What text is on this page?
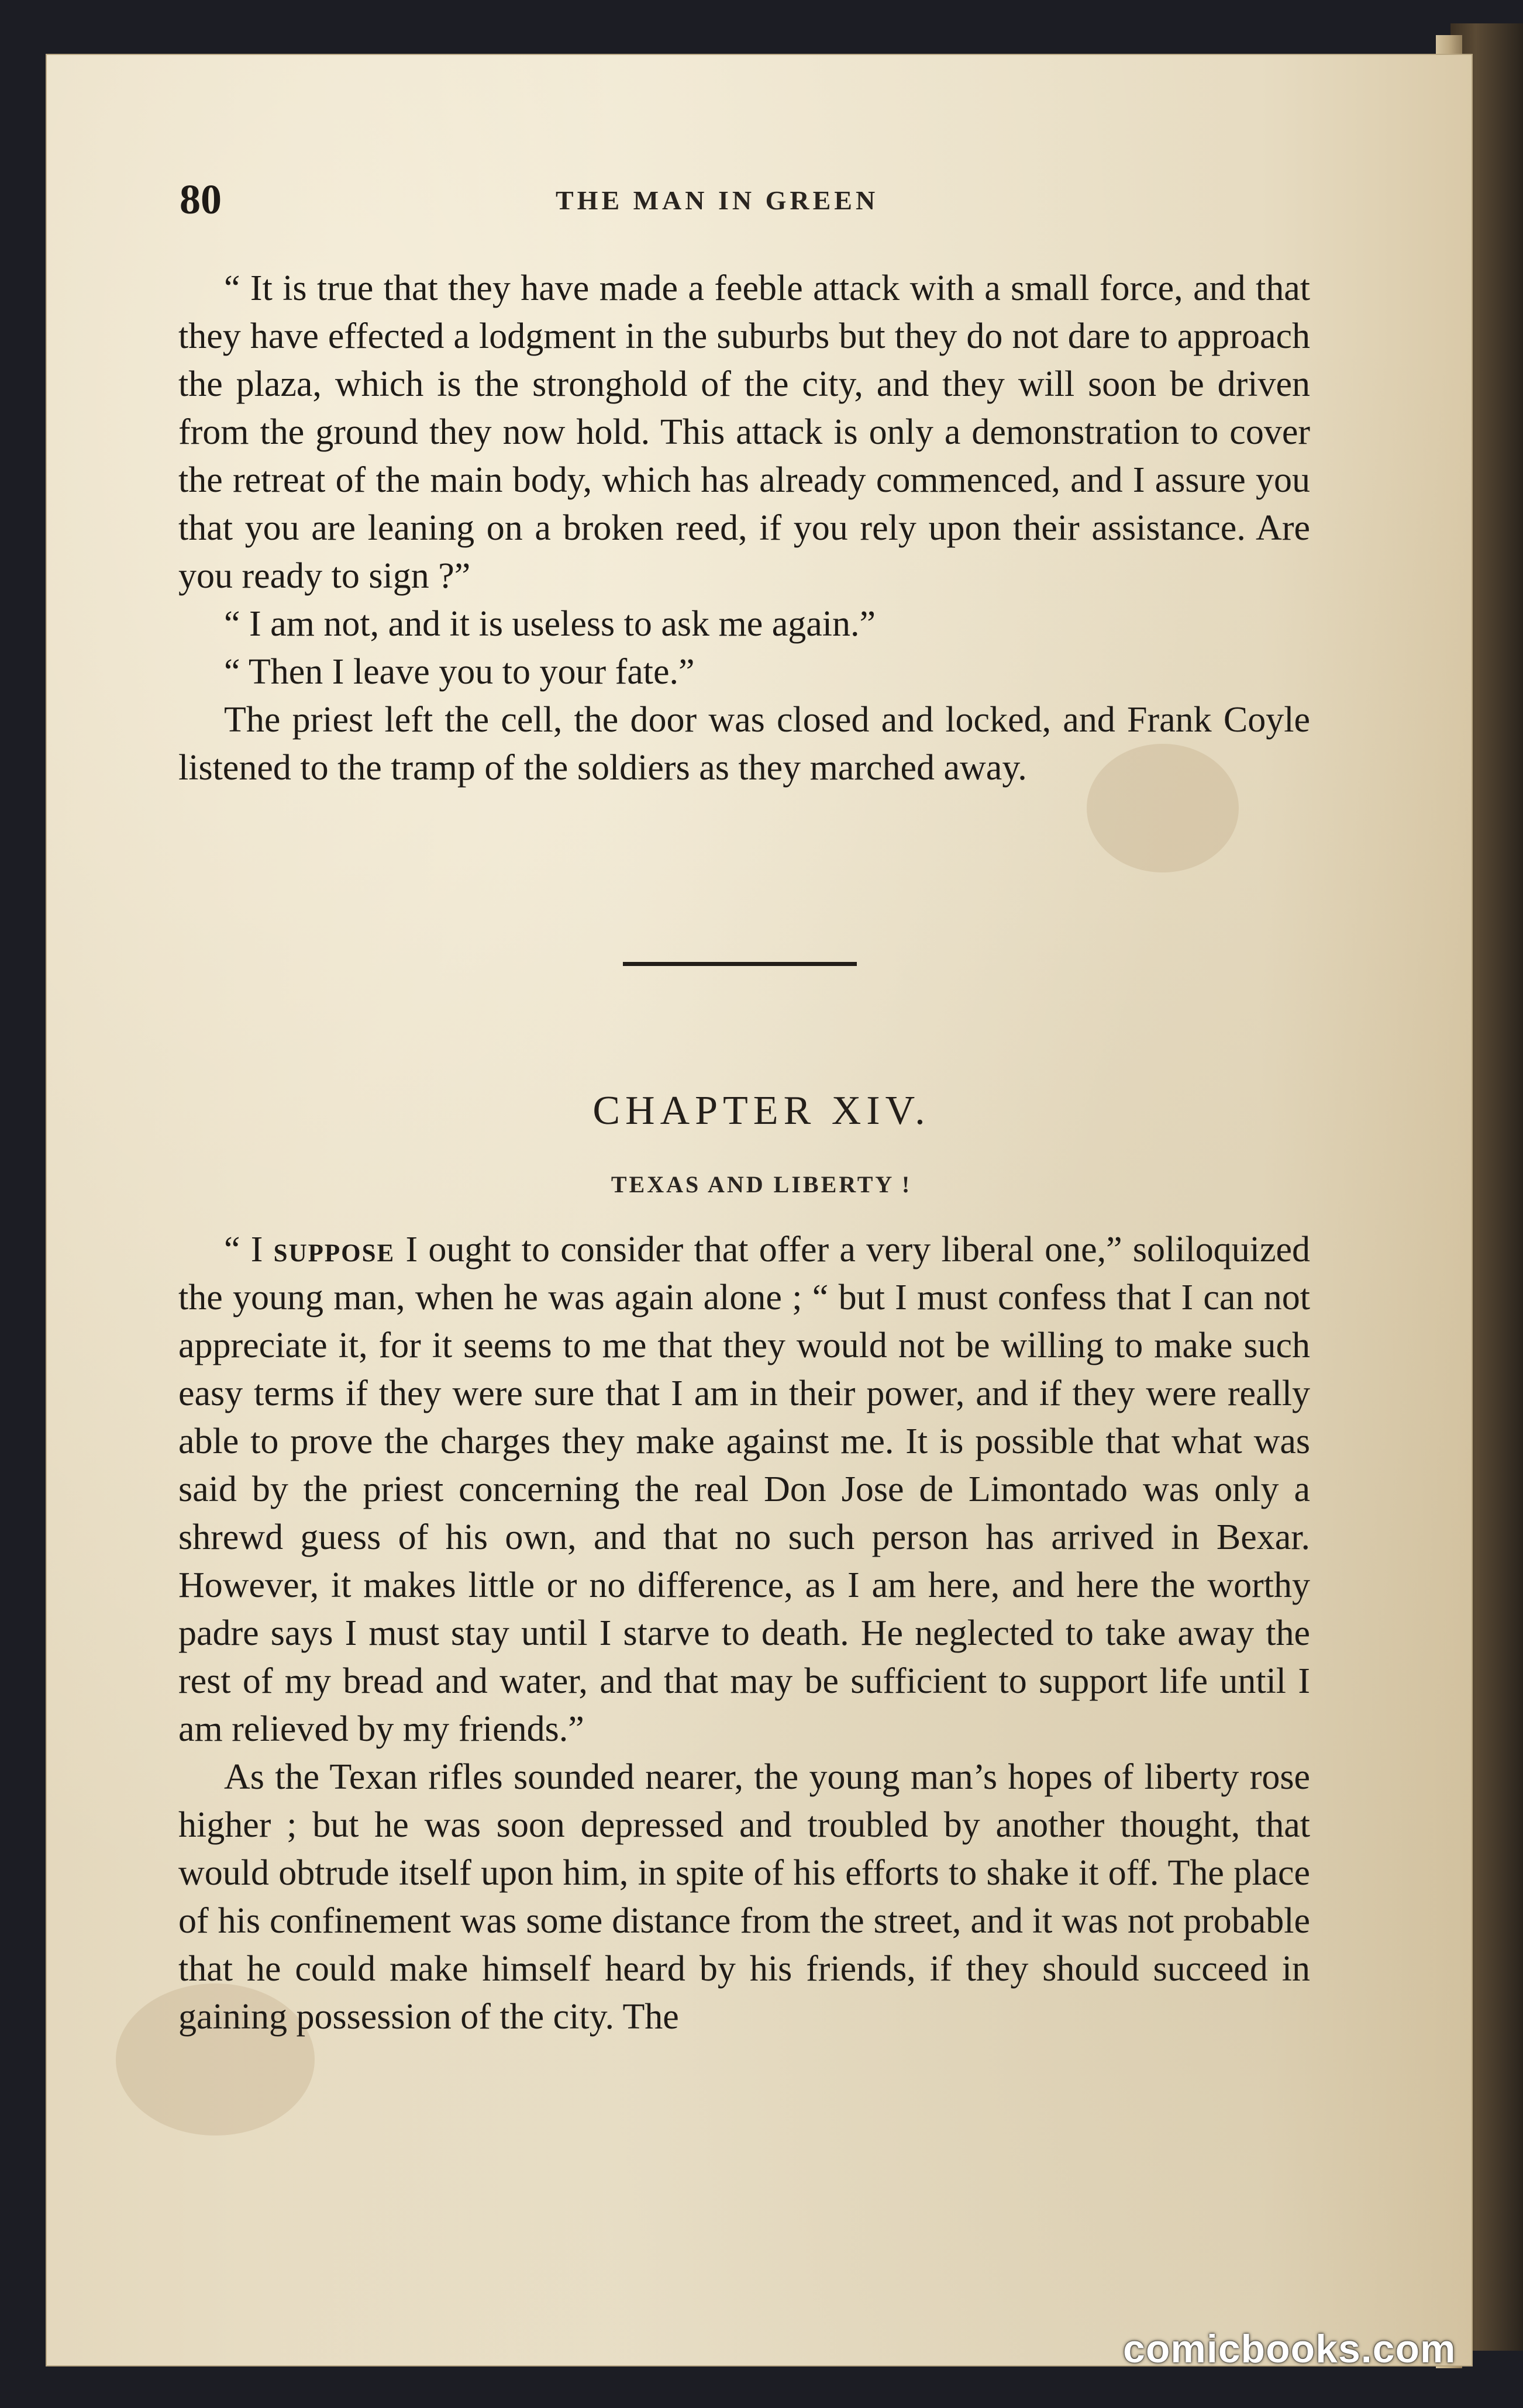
80	THE MAN IN GREEN

“ It is true that they have made a feeble attack with a small force, and that they have effected a lodgment in the suburbs but they do not dare to approach the plaza, which is the stronghold of the city, and they will soon be driven from the ground they now hold. This attack is only a demonstration to cover the retreat of the main body, which has already commenced, and I assure you that you are leaning on a broken reed, if you rely upon their assistance. Are you ready to sign ?”

“ I am not, and it is useless to ask me again.”

“ Then I leave you to your fate.”

The priest left the cell, the door was closed and locked, and Frank Coyle listened to the tramp of the soldiers as they marched away.

CHAPTER XIV.
TEXAS AND LIBERTY !

“ I suppose I ought to consider that offer a very liberal one,” soliloquized the young man, when he was again alone ; “ but I must confess that I can not appreciate it, for it seems to me that they would not be willing to make such easy terms if they were sure that I am in their power, and if they were really able to prove the charges they make against me. It is possible that what was said by the priest concerning the real Don Jose de Limontado was only a shrewd guess of his own, and that no such person has arrived in Bexar. However, it makes little or no difference, as I am here, and here the worthy padre says I must stay until I starve to death. He neglected to take away the rest of my bread and water, and that may be sufficient to support life until I am relieved by my friends.”

As the Texan rifles sounded nearer, the young man’s hopes of liberty rose higher ; but he was soon depressed and troubled by another thought, that would obtrude itself upon him, in spite of his efforts to shake it off. The place of his confinement was some distance from the street, and it was not probable that he could make himself heard by his friends, if they should succeed in gaining possession of the city. The

comicbooks.com
